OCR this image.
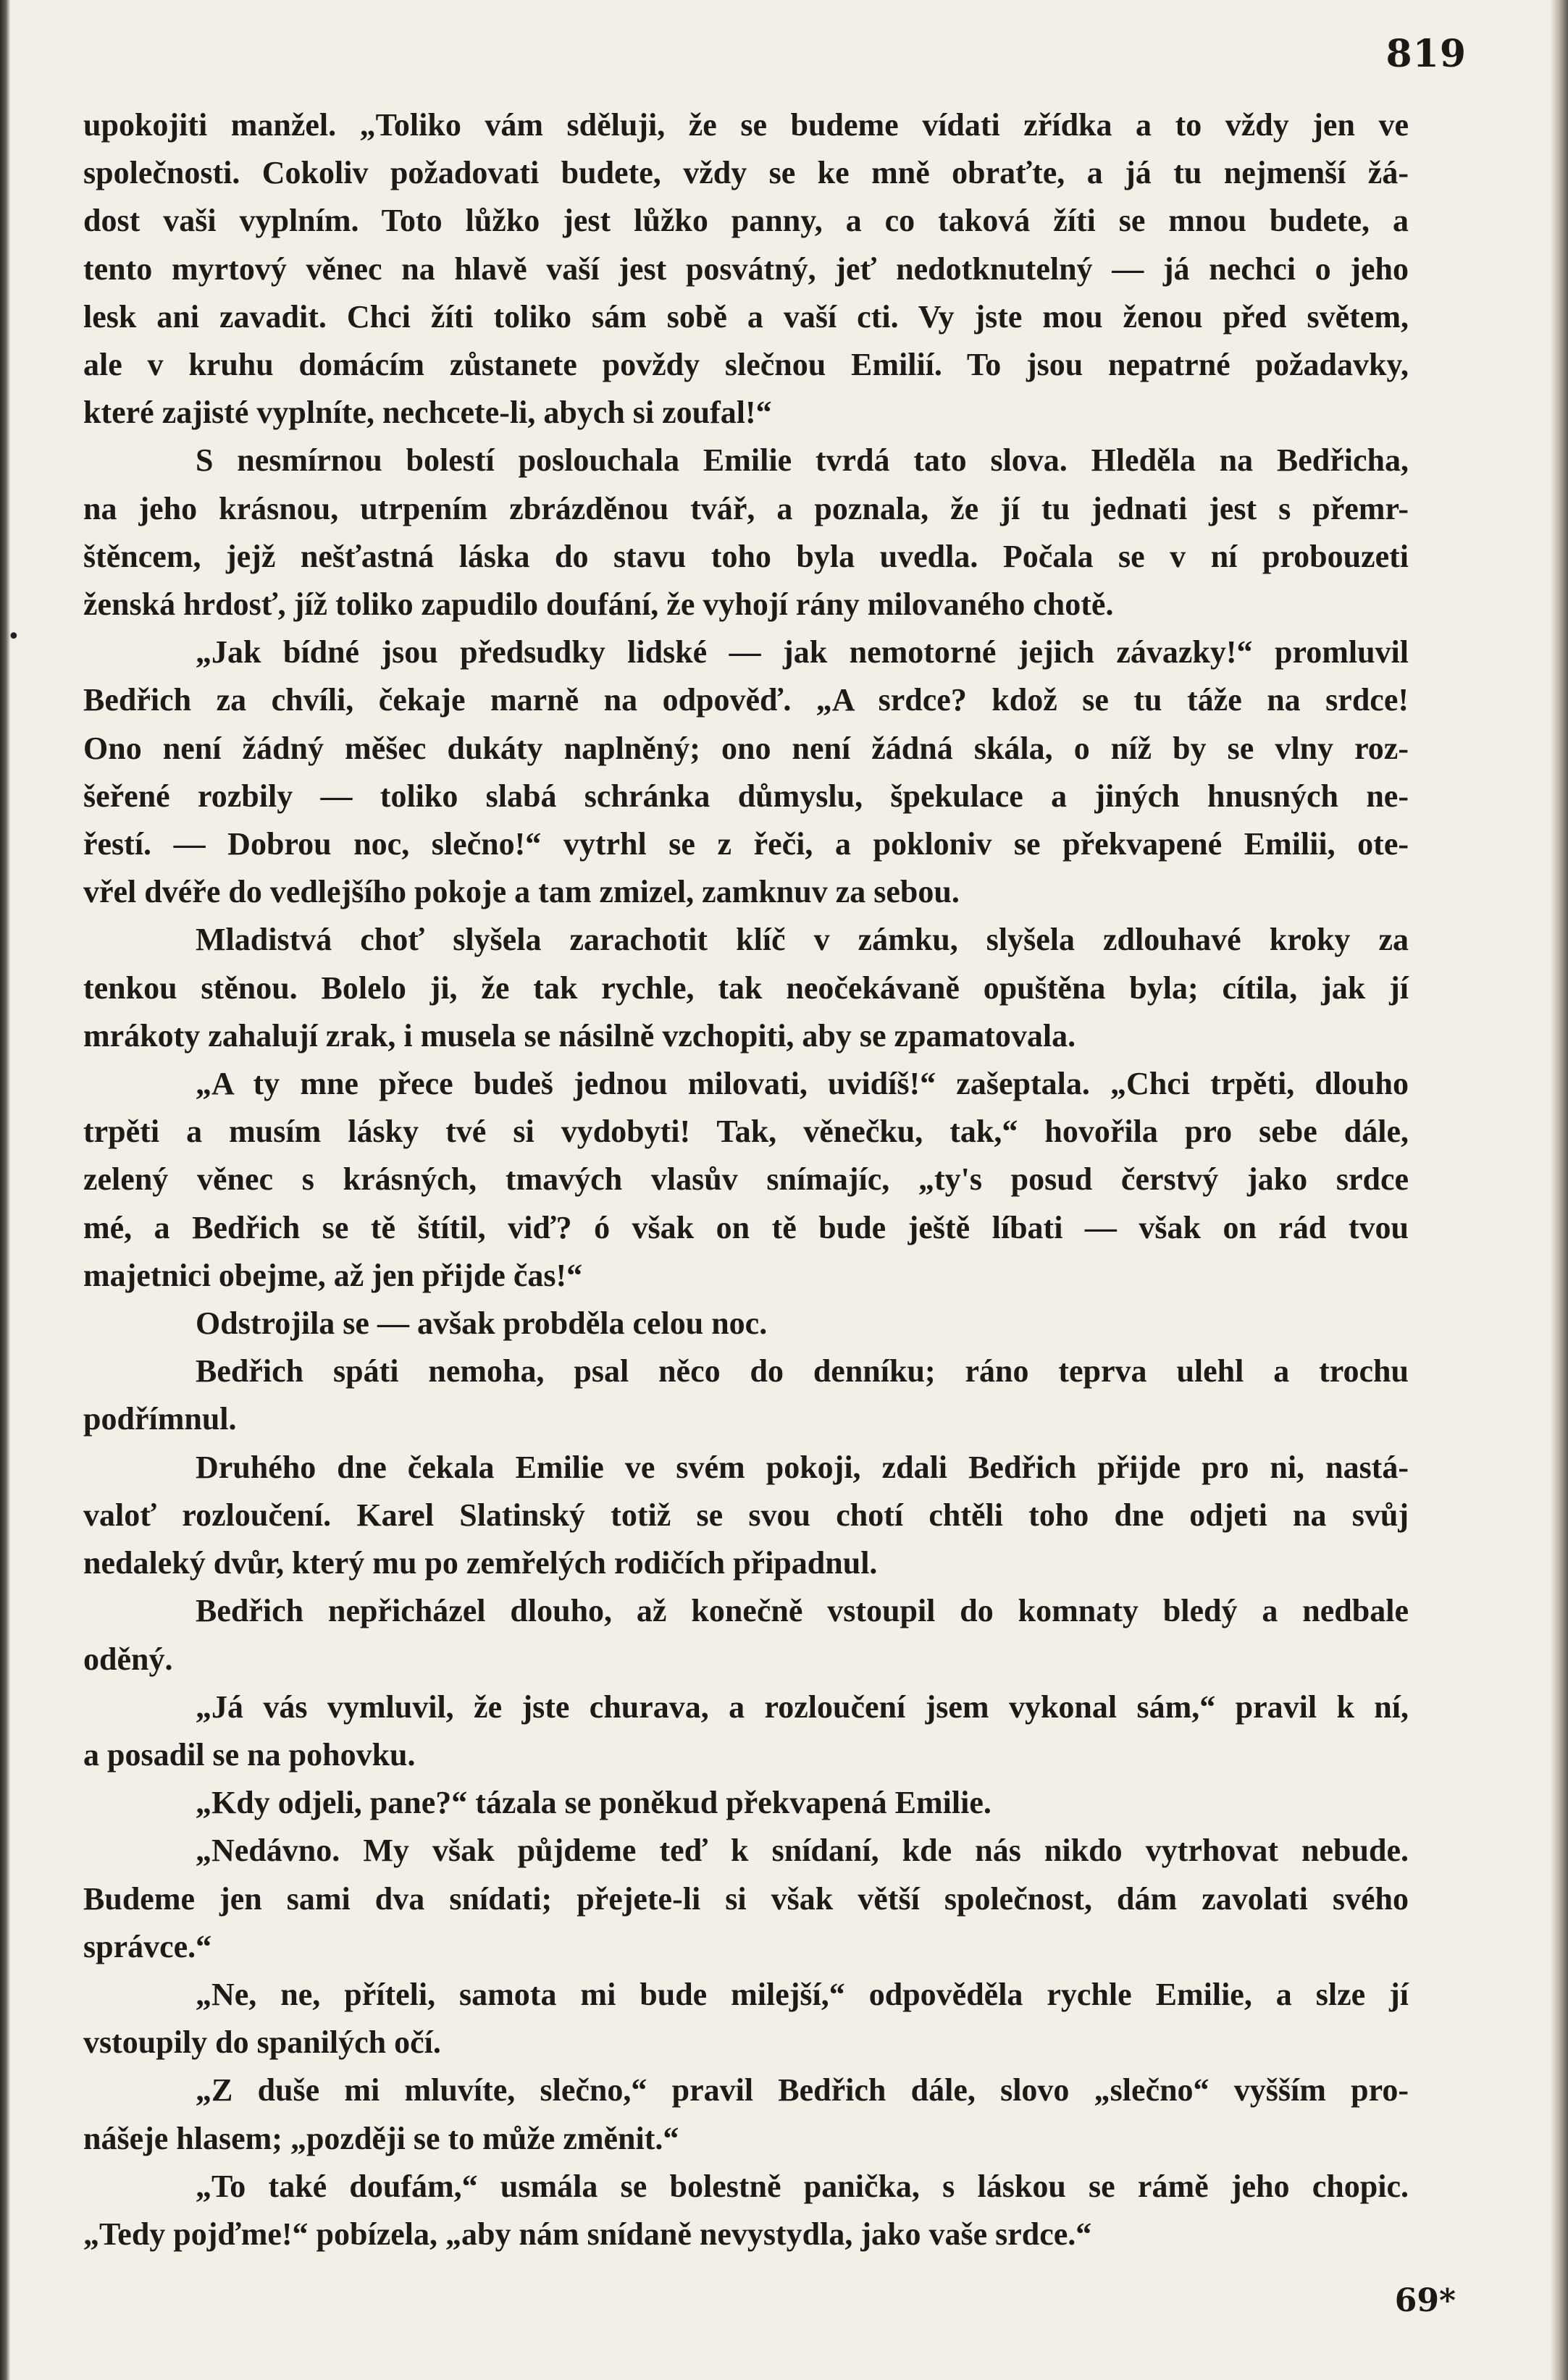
819
•

upokojiti manžel. „Toliko vám sděluji, že se budeme vídati zřídka a to vždy jen ve

společnosti. Cokoliv požadovati budete, vždy se ke mně obraťte, a já tu nejmenší žá-

dost vaši vyplním. Toto lůžko jest lůžko panny, a co taková žíti se mnou budete, a

tento myrtový věnec na hlavě vaší jest posvátný, jeť nedotknutelný — já nechci o jeho

lesk ani zavadit. Chci žíti toliko sám sobě a vaší cti. Vy jste mou ženou před světem,

ale v kruhu domácím zůstanete povždy slečnou Emilií. To jsou nepatrné požadavky,

které zajisté vyplníte, nechcete-li, abych si zoufal!“

S nesmírnou bolestí poslouchala Emilie tvrdá tato slova. Hleděla na Bedřicha,

na jeho krásnou, utrpením zbrázděnou tvář, a poznala, že jí tu jednati jest s přemr-

štěncem, jejž nešťastná láska do stavu toho byla uvedla. Počala se v ní probouzeti

ženská hrdosť, jíž toliko zapudilo doufání, že vyhojí rány milovaného chotě.

„Jak bídné jsou předsudky lidské — jak nemotorné jejich závazky!“ promluvil

Bedřich za chvíli, čekaje marně na odpověď. „A srdce? kdož se tu táže na srdce!

Ono není žádný měšec dukáty naplněný; ono není žádná skála, o níž by se vlny roz-

šeřené rozbily — toliko slabá schránka důmyslu, špekulace a jiných hnusných ne-

řestí. — Dobrou noc, slečno!“ vytrhl se z řeči, a pokloniv se překvapené Emilii, ote-

vřel dvéře do vedlejšího pokoje a tam zmizel, zamknuv za sebou.

Mladistvá choť slyšela zarachotit klíč v zámku, slyšela zdlouhavé kroky za

tenkou stěnou. Bolelo ji, že tak rychle, tak neočekávaně opuštěna byla; cítila, jak jí

mrákoty zahalují zrak, i musela se násilně vzchopiti, aby se zpamatovala.

„A ty mne přece budeš jednou milovati, uvidíš!“ zašeptala. „Chci trpěti, dlouho

trpěti a musím lásky tvé si vydobyti! Tak, věnečku, tak,“ hovořila pro sebe dále,

zelený věnec s krásných, tmavých vlasův snímajíc, „ty's posud čerstvý jako srdce

mé, a Bedřich se tě štítil, viď? ó však on tě bude ještě líbati — však on rád tvou

majetnici obejme, až jen přijde čas!“

Odstrojila se — avšak probděla celou noc.

Bedřich spáti nemoha, psal něco do denníku; ráno teprva ulehl a trochu

podřímnul.

Druhého dne čekala Emilie ve svém pokoji, zdali Bedřich přijde pro ni, nastá-

valoť rozloučení. Karel Slatinský totiž se svou chotí chtěli toho dne odjeti na svůj

nedaleký dvůr, který mu po zemřelých rodičích připadnul.

Bedřich nepřicházel dlouho, až konečně vstoupil do komnaty bledý a nedbale

oděný.

„Já vás vymluvil, že jste churava, a rozloučení jsem vykonal sám,“ pravil k ní,

a posadil se na pohovku.

„Kdy odjeli, pane?“ tázala se poněkud překvapená Emilie.

„Nedávno. My však půjdeme teď k snídaní, kde nás nikdo vytrhovat nebude.

Budeme jen sami dva snídati; přejete-li si však větší společnost, dám zavolati svého

správce.“

„Ne, ne, příteli, samota mi bude milejší,“ odpověděla rychle Emilie, a slze jí

vstoupily do spanilých očí.

„Z duše mi mluvíte, slečno,“ pravil Bedřich dále, slovo „slečno“ vyšším pro-

nášeje hlasem; „později se to může změnit.“

„To také doufám,“ usmála se bolestně panička, s láskou se rámě jeho chopic.

„Tedy pojďme!“ pobízela, „aby nám snídaně nevystydla, jako vaše srdce.“

69*
